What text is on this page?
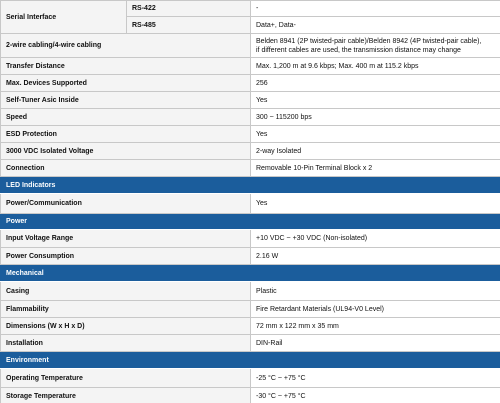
Serial Interface	RS-422	-
	RS-485	Data+, Data-
2-wire cabling/4-wire cabling		Belden 8941 (2P twisted-pair cable)/Belden 8942 (4P twisted-pair cable),
if different cables are used, the transmission distance may change

Transfer Distance		Max. 1,200 m at 9.6 kbps; Max. 400 m at 115.2 kbps
Max. Devices Supported		256
Self-Tuner Asic Inside		Yes
Speed		300 ~ 115200 bps
ESD Protection		Yes
3000 VDC Isolated Voltage		2-way Isolated
Connection		Removable 10-Pin Terminal Block x 2
LED Indicators		
Power/Communication		Yes
Power		
Input Voltage Range		+10 VDC ~ +30 VDC (Non-isolated)
Power Consumption		2.16 W
Mechanical		
Casing		Plastic
Flammability		Fire Retardant Materials (UL94-V0 Level)
Dimensions (W x H x D)		72 mm x 122 mm x 35 mm
Installation		DIN-Rail
Environment		
Operating Temperature		-25 °C ~ +75 °C
Storage Temperature		-30 °C ~ +75 °C
